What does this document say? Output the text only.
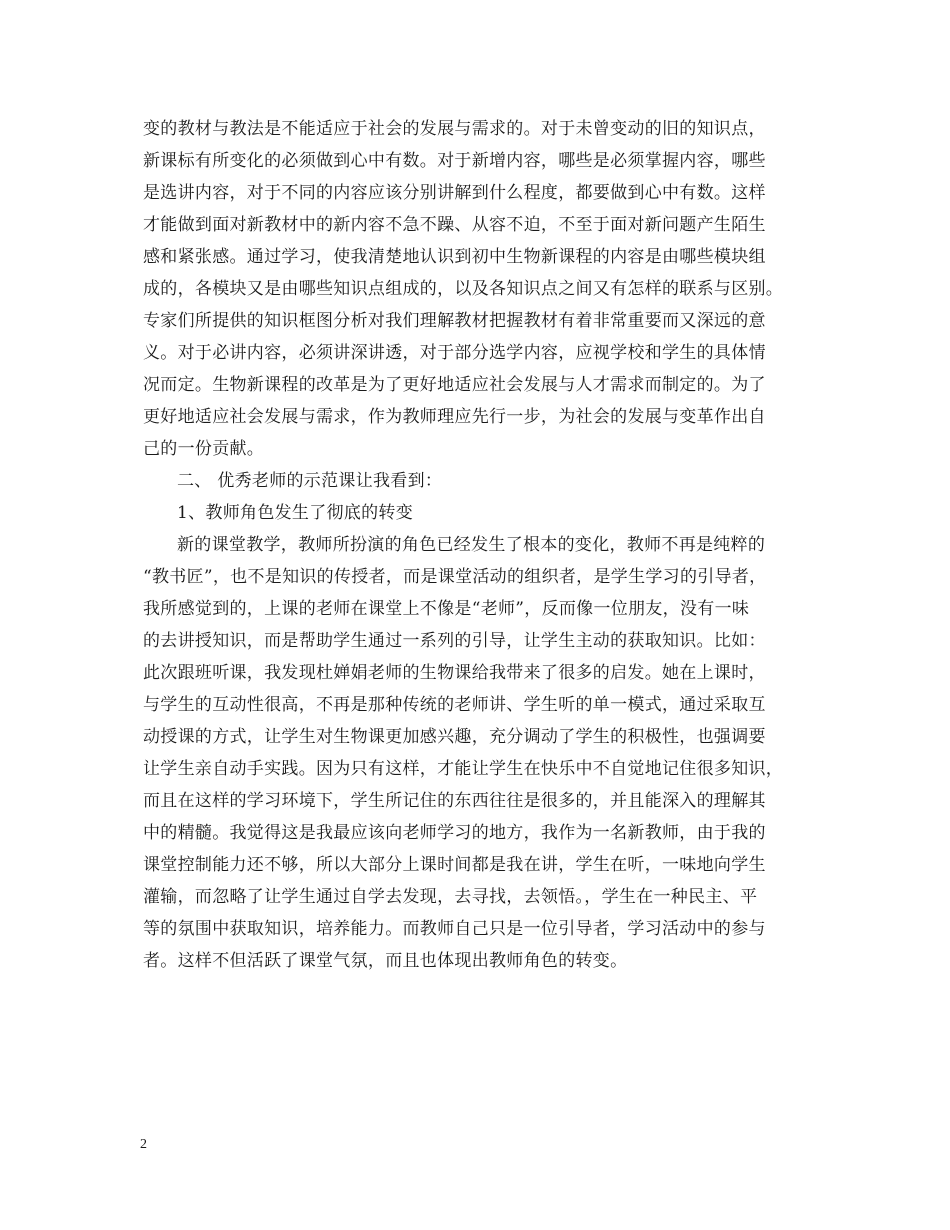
变的教材与教法是不能适应于社会的发展与需求的。对于未曾变动的旧的知识点，
新课标有所变化的必须做到心中有数。对于新增内容，哪些是必须掌握内容，哪些
是选讲内容，对于不同的内容应该分别讲解到什么程度，都要做到心中有数。这样
才能做到面对新教材中的新内容不急不躁、从容不迫，不至于面对新问题产生陌生
感和紧张感。通过学习，使我清楚地认识到初中生物新课程的内容是由哪些模块组
成的，各模块又是由哪些知识点组成的，以及各知识点之间又有怎样的联系与区别。
专家们所提供的知识框图分析对我们理解教材把握教材有着非常重要而又深远的意
义。对于必讲内容，必须讲深讲透，对于部分选学内容，应视学校和学生的具体情
况而定。生物新课程的改革是为了更好地适应社会发展与人才需求而制定的。为了
更好地适应社会发展与需求，作为教师理应先行一步，为社会的发展与变革作出自
己的一份贡献。
二、 优秀老师的示范课让我看到：
1、教师角色发生了彻底的转变
新的课堂教学，教师所扮演的角色已经发生了根本的变化，教师不再是纯粹的
“教书匠”，也不是知识的传授者，而是课堂活动的组织者，是学生学习的引导者，
我所感觉到的，上课的老师在课堂上不像是“老师”，反而像一位朋友，没有一味
的去讲授知识，而是帮助学生通过一系列的引导，让学生主动的获取知识。比如：
此次跟班听课，我发现杜婵娟老师的生物课给我带来了很多的启发。她在上课时，
与学生的互动性很高，不再是那种传统的老师讲、学生听的单一模式，通过采取互
动授课的方式，让学生对生物课更加感兴趣，充分调动了学生的积极性，也强调要
让学生亲自动手实践。因为只有这样，才能让学生在快乐中不自觉地记住很多知识，
而且在这样的学习环境下，学生所记住的东西往往是很多的，并且能深入的理解其
中的精髓。我觉得这是我最应该向老师学习的地方，我作为一名新教师，由于我的
课堂控制能力还不够，所以大部分上课时间都是我在讲，学生在听，一味地向学生
灌输，而忽略了让学生通过自学去发现，去寻找，去领悟。，学生在一种民主、平
等的氛围中获取知识，培养能力。而教师自己只是一位引导者，学习活动中的参与
者。这样不但活跃了课堂气氛，而且也体现出教师角色的转变。
2
